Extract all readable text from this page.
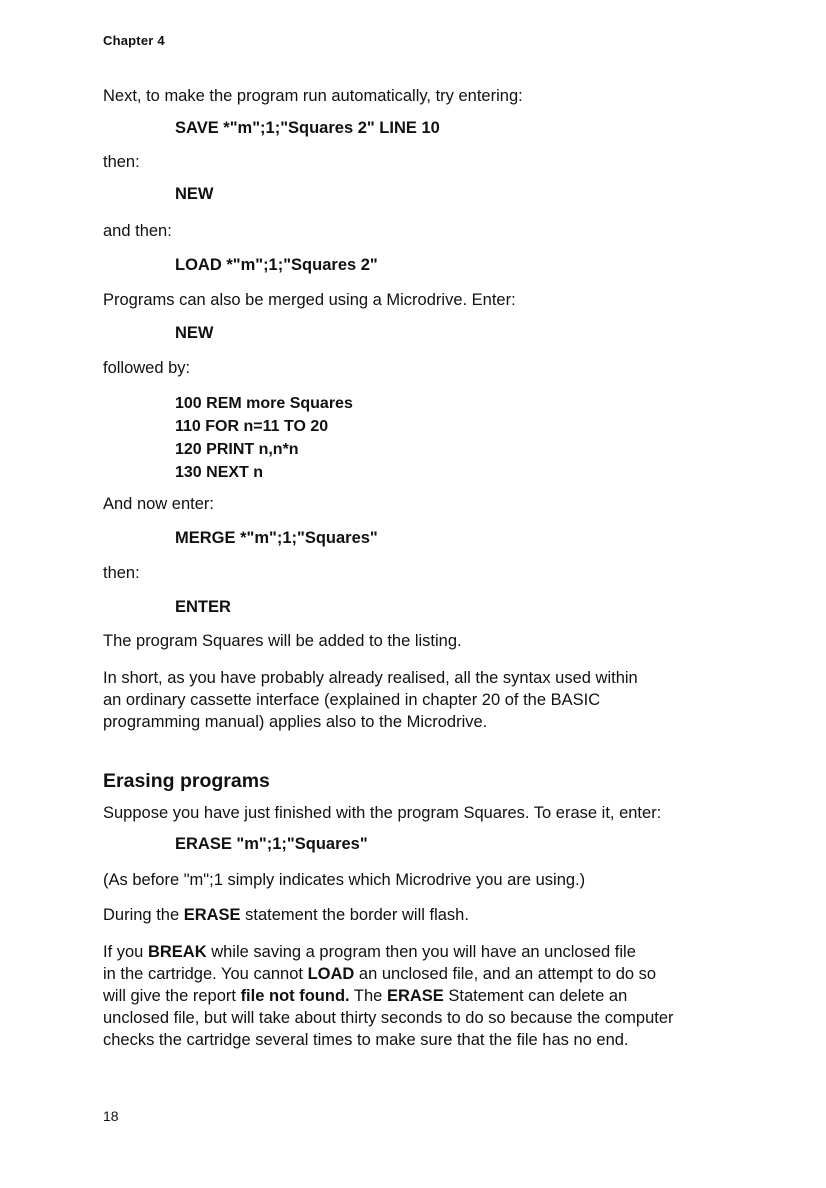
Chapter 4
Next, to make the program run automatically, try entering:
SAVE *"m";1;"Squares 2" LINE 10
then:
NEW
and then:
LOAD *"m";1;"Squares 2"
Programs can also be merged using a Microdrive. Enter:
NEW
followed by:
100 REM more Squares
110 FOR n=11 TO 20
120 PRINT n,n*n
130 NEXT n
And now enter:
MERGE *"m";1;"Squares"
then:
ENTER
The program Squares will be added to the listing.
In short, as you have probably already realised, all the syntax used within
an ordinary cassette interface (explained in chapter 20 of the BASIC
programming manual) applies also to the Microdrive.
Erasing programs
Suppose you have just finished with the program Squares. To erase it, enter:
ERASE "m";1;"Squares"
(As before "m";1 simply indicates which Microdrive you are using.)
During the ERASE statement the border will flash.
If you BREAK while saving a program then you will have an unclosed file
in the cartridge. You cannot LOAD an unclosed file, and an attempt to do so
will give the report file not found. The ERASE Statement can delete an
unclosed file, but will take about thirty seconds to do so because the computer
checks the cartridge several times to make sure that the file has no end.
18
